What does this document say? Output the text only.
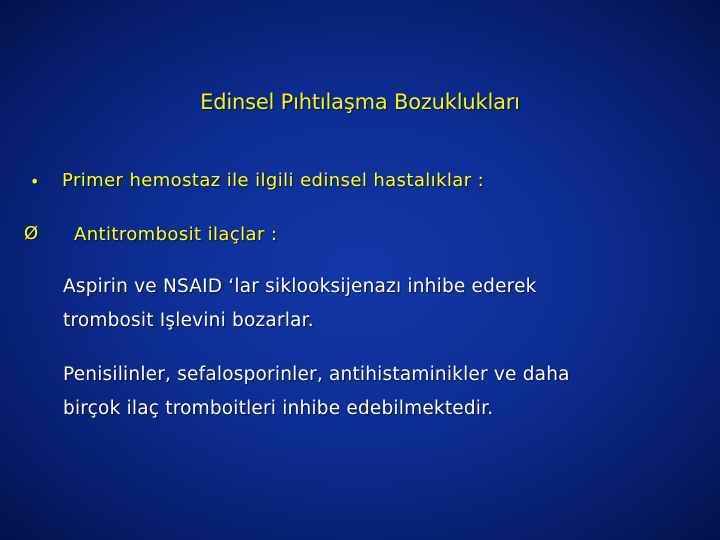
Edinsel Pıhtılaşma Bozuklukları
• Primer hemostaz ile ilgili edinsel hastalıklar :
Ø Antitrombosit ilaçlar :
Aspirin ve NSAID ‘lar siklooksijenazı inhibe ederek
trombosit Işlevini bozarlar.
Penisilinler, sefalosporinler, antihistaminikler ve daha
birçok ilaç tromboitleri inhibe edebilmektedir.
